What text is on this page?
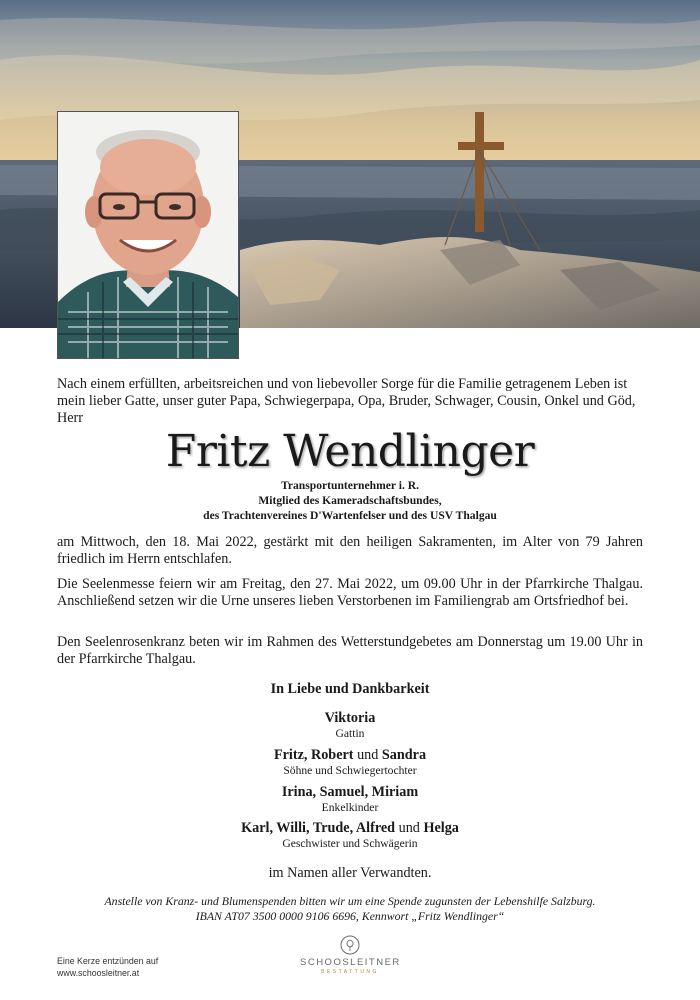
Nach einem erfüllten, arbeitsreichen und von liebevoller Sorge für die Familie getragenem Leben ist mein lieber Gatte, unser guter Papa, Schwiegerpapa, Opa, Bruder, Schwager, Cousin, Onkel und Göd, Herr
Fritz Wendlinger
Transportunternehmer i. R.
Mitglied des Kameradschaftsbundes,
des Trachtenvereines D'Wartenfelser und des USV Thalgau
am Mittwoch, den 18. Mai 2022, gestärkt mit den heiligen Sakramenten, im Alter von 79 Jahren friedlich im Herrn entschlafen.
Die Seelenmesse feiern wir am Freitag, den 27. Mai 2022, um 09.00 Uhr in der Pfarrkirche Thalgau. Anschließend setzen wir die Urne unseres lieben Verstorbenen im Familiengrab am Ortsfriedhof bei.
Den Seelenrosenkranz beten wir im Rahmen des Wetterstundgebetes am Donnerstag um 19.00 Uhr in der Pfarrkirche Thalgau.
In Liebe und Dankbarkeit
Viktoria
Gattin
Fritz, Robert und Sandra
Söhne und Schwiegertochter
Irina, Samuel, Miriam
Enkelkinder
Karl, Willi, Trude, Alfred und Helga
Geschwister und Schwägerin
im Namen aller Verwandten.
Anstelle von Kranz- und Blumenspenden bitten wir um eine Spende zugunsten der Lebenshilfe Salzburg.
IBAN AT07 3500 0000 9106 6696, Kennwort „Fritz Wendlinger“
Eine Kerze entzünden auf
www.schoosleitner.at
SCHOOSLEITNER
BESTATTUNG
